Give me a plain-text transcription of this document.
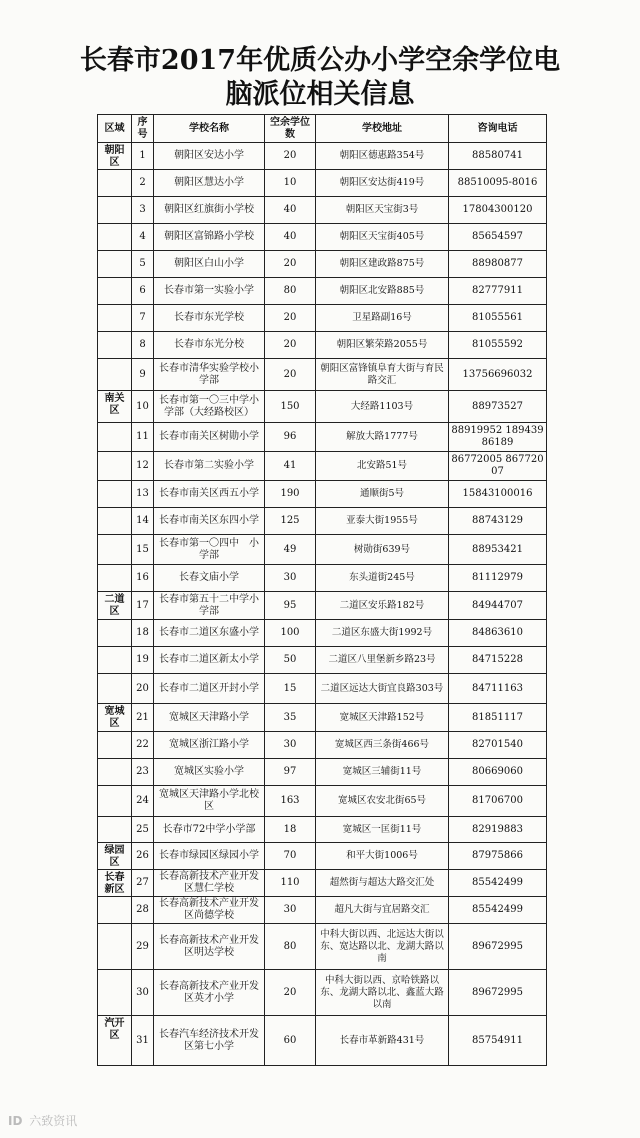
长春市2017年优质公办小学空余学位电
脑派位相关信息
区域	序号	学校名称	空余学位数	学校地址	咨询电话
朝阳区	1	朝阳区安达小学	20	朝阳区德惠路354号	88580741
	2	朝阳区慧达小学	10	朝阳区安达街419号	88510095-8016
	3	朝阳区红旗街小学校	40	朝阳区天宝街3号	17804300120
	4	朝阳区富锦路小学校	40	朝阳区天宝街405号	85654597
	5	朝阳区白山小学	20	朝阳区建政路875号	88980877
	6	长春市第一实验小学	80	朝阳区北安路885号	82777911
	7	长春市东光学校	20	卫星路副16号	81055561
	8	长春市东光分校	20	朝阳区繁荣路2055号	81055592
	9	长春市清华实验学校小学部	20	朝阳区富锋镇阜育大街与育民路交汇	13756696032
南关区	10	长春市第一〇三中学小学部（大经路校区）	150	大经路1103号	88973527
	11	长春市南关区树勋小学	96	解放大路1777号	88919952 18943986189
	12	长春市第二实验小学	41	北安路51号	86772005 86772007
	13	长春市南关区西五小学	190	通顺街5号	15843100016
	14	长春市南关区东四小学	125	亚泰大街1955号	88743129
	15	长春市第一〇四中　小学部	49	树勋街639号	88953421
	16	长春文庙小学	30	东头道街245号	81112979
二道区	17	长春市第五十二中学小学部	95	二道区安乐路182号	84944707
	18	长春市二道区东盛小学	100	二道区东盛大街1992号	84863610
	19	长春市二道区新太小学	50	二道区八里堡新乡路23号	84715228
	20	长春市二道区开封小学	15	二道区远达大街宜良路303号	84711163
宽城区	21	宽城区天津路小学	35	宽城区天津路152号	81851117
	22	宽城区浙江路小学	30	宽城区西三条街466号	82701540
	23	宽城区实验小学	97	宽城区三辅街11号	80669060
	24	宽城区天津路小学北校区	163	宽城区农安北街65号	81706700
	25	长春市72中学小学部	18	宽城区一匡街11号	82919883
绿园区	26	长春市绿园区绿园小学	70	和平大街1006号	87975866
长春新区	27	长春高新技术产业开发区慧仁学校	110	超然街与超达大路交汇处	85542499
	28	长春高新技术产业开发区尚德学校	30	超凡大街与宜居路交汇	85542499
	29	长春高新技术产业开发区明达学校	80	中科大街以西、北远达大街以东、宽达路以北、龙湖大路以南	89672995
	30	长春高新技术产业开发区英才小学	20	中科大街以西、京哈铁路以东、龙湖大路以北、鑫蓝大路以南	89672995
汽开区	31	长春汽车经济技术开发区第七小学	60	长春市革新路431号	85754911
ID 六致资讯
